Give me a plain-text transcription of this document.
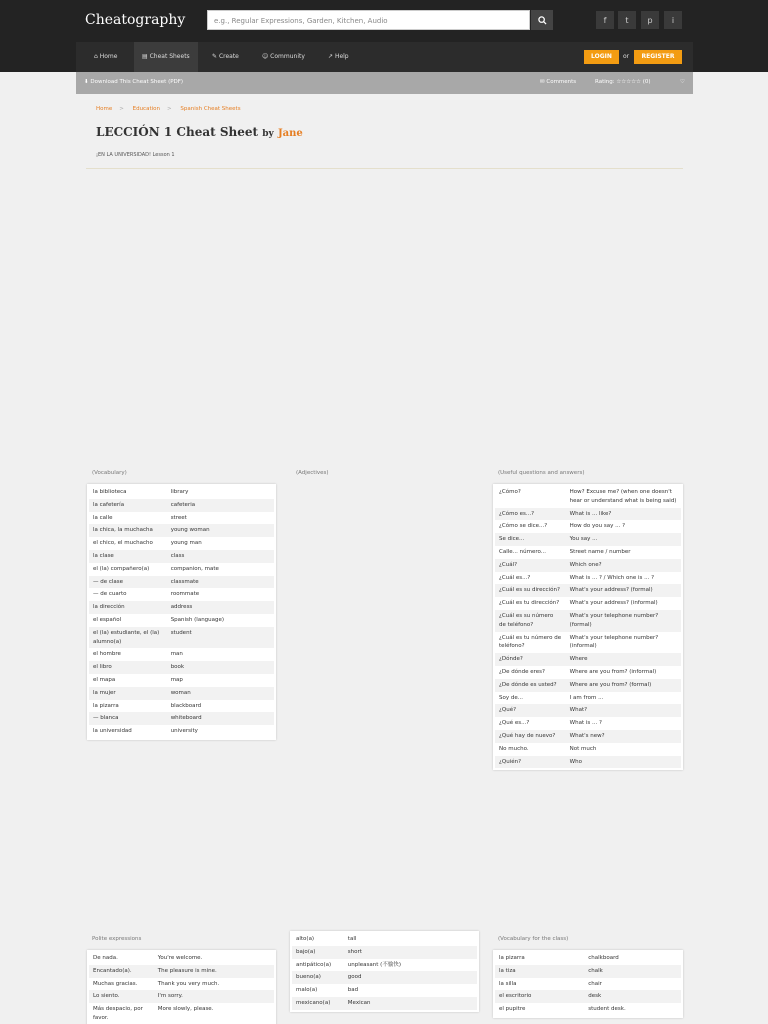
Cheatography	e.g., Regular Expressions, Garden, Kitchen, Audio	f t p i
⌂ Home	▤ Cheat Sheets	✎ Create	☺ Community	↗ Help	LOGIN	or	REGISTER
⬇ Download This Cheat Sheet (PDF)	✉ Comments	Rating: ☆☆☆☆☆ (0)	♡
Home > Education > Spanish Cheat Sheets
LECCIÓN 1 Cheat Sheet by Jane
¡EN LA UNIVERSIDAD! Lesson 1
(Vocabulary)	(Adjectives)	(Useful questions and answers)
Polite expressions	(Vocabulary for the class)
la biblioteca	library
la cafetería	cafeteria
la calle	street
la chica, la muchacha	young woman
el chico, el muchacho	young man
la clase	class
el (la) compañero(a)	companion, mate
— de clase	classmate
— de cuarto	roommate
la dirección	address
el español	Spanish (language)
el (la) estudiante, el (la) alumno(a)	student
el hombre	man
el libro	book
el mapa	map
la mujer	woman
la pizarra	blackboard
— blanca	whiteboard
la universidad	university
¿Cómo?	How? Excuse me? (when one doesn't hear or understand what is being said)
¿Cómo es...?	What is ... like?
¿Cómo se dice...?	How do you say ... ?
Se dice...	You say ...
Calle... número...	Street name / number
¿Cuál?	Which one?
¿Cuál es...?	What is ... ? / Which one is ... ?
¿Cuál es su dirección?	What's your address? (formal)
¿Cuál es tu dirección?	What's your address? (informal)
¿Cuál es su número de teléfono?	What's your telephone number? (formal)
¿Cuál es tu número de teléfono?	What's your telephone number? (informal)
¿Dónde?	Where
¿De dónde eres?	Where are you from? (informal)
¿De dónde es usted?	Where are you from? (formal)
Soy de...	I am from ...
¿Qué?	What?
¿Qué es...?	What is ... ?
¿Qué hay de nuevo?	What's new?
No mucho.	Not much
¿Quién?	Who
De nada.	You're welcome.
Encantado(a).	The pleasure is mine.
Muchas gracias.	Thank you very much.
Lo siento.	I'm sorry.
Más despacio, por favor.	More slowly, please.
alto(a)	tall
bajo(a)	short
antipático(a)	unpleasant (不愉快)
bueno(a)	good
malo(a)	bad
mexicano(a)	Mexican
la pizarra	chalkboard
la tiza	chalk
la silla	chair
el escritorio	desk
el pupitre	student desk.
